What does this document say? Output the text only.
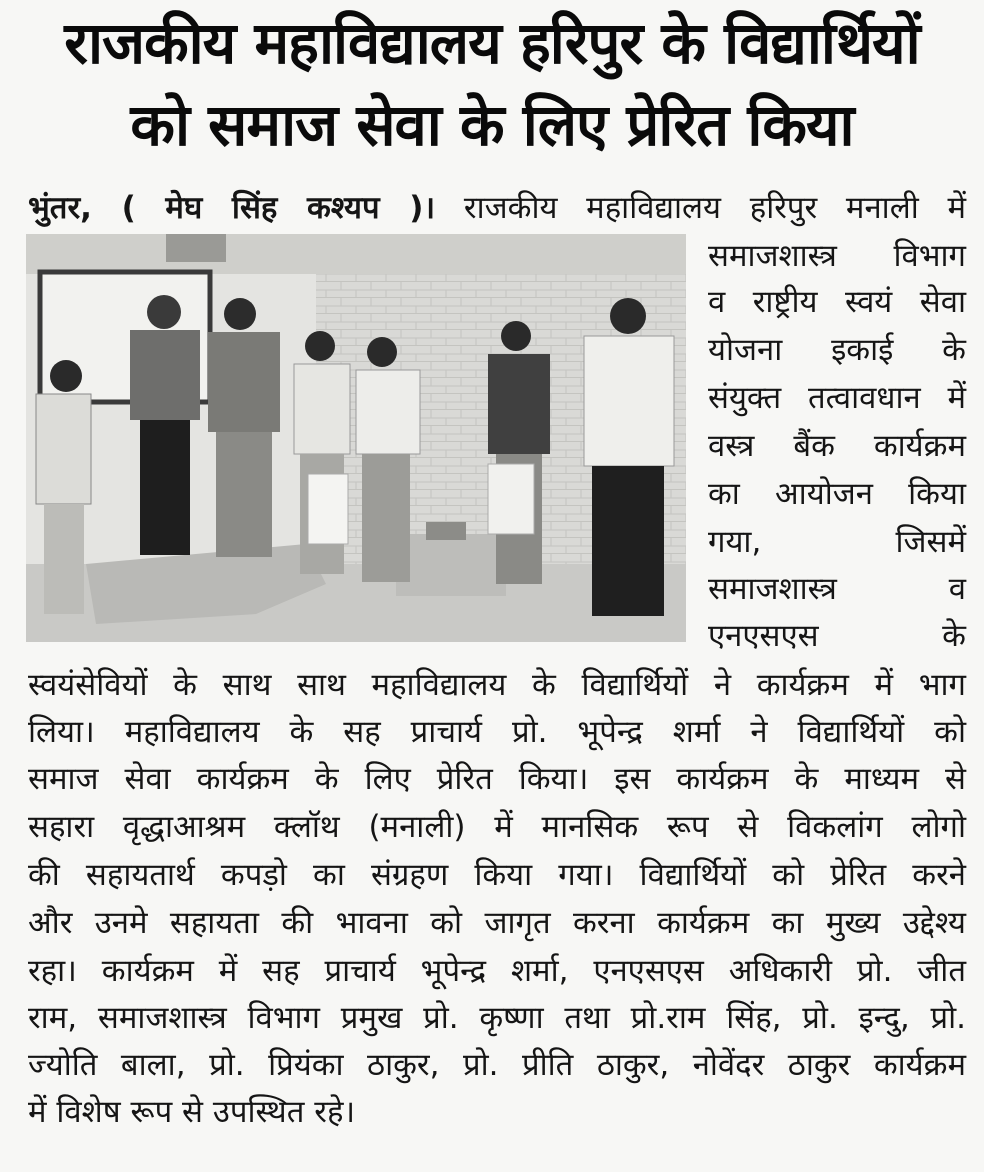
राजकीय महाविद्यालय हरिपुर के विद्यार्थियों
को समाज सेवा के लिए प्रेरित किया
भुंतर, ( मेघ सिंह कश्यप )। राजकीय महाविद्यालय हरिपुर मनाली में
समाजशास्त्र विभाग
व राष्ट्रीय स्वयं सेवा
योजना इकाई के
संयुक्त तत्वावधान में
वस्त्र बैंक कार्यक्रम
का आयोजन किया
गया, जिसमें
समाजशास्त्र व
एनएसएस के
स्वयंसेवियों के साथ साथ महाविद्यालय के विद्यार्थियों ने कार्यक्रम में भाग
लिया। महाविद्यालय के सह प्राचार्य प्रो. भूपेन्द्र शर्मा ने विद्यार्थियों को
समाज सेवा कार्यक्रम के लिए प्रेरित किया। इस कार्यक्रम के माध्यम से
सहारा वृद्धाआश्रम क्लॉथ (मनाली) में मानसिक रूप से विकलांग लोगो
की सहायतार्थ कपड़ो का संग्रहण किया गया। विद्यार्थियों को प्रेरित करने
और उनमे सहायता की भावना को जागृत करना कार्यक्रम का मुख्य उद्देश्य
रहा। कार्यक्रम में सह प्राचार्य भूपेन्द्र शर्मा, एनएसएस अधिकारी प्रो. जीत
राम, समाजशास्त्र विभाग प्रमुख प्रो. कृष्णा तथा प्रो.राम सिंह, प्रो. इन्दु, प्रो.
ज्योति बाला, प्रो. प्रियंका ठाकुर, प्रो. प्रीति ठाकुर, नोवेंदर ठाकुर कार्यक्रम
में विशेष रूप से उपस्थित रहे।
